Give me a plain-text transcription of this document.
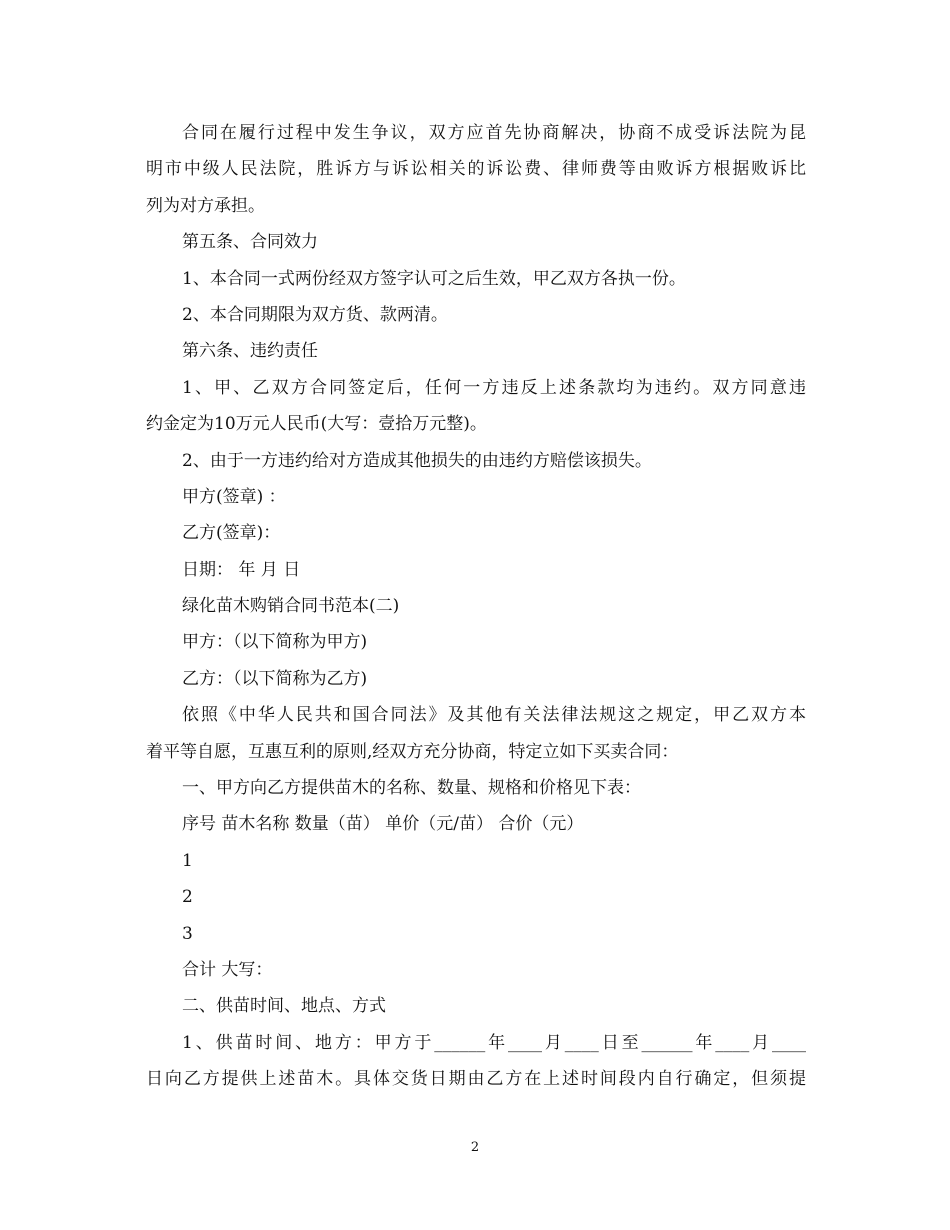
合同在履行过程中发生争议，双方应首先协商解决，协商不成受诉法院为昆
明市中级人民法院，胜诉方与诉讼相关的诉讼费、律师费等由败诉方根据败诉比
列为对方承担。
第五条、合同效力
1、本合同一式两份经双方签字认可之后生效，甲乙双方各执一份。
2、本合同期限为双方货、款两清。
第六条、违约责任
1、甲、乙双方合同签定后，任何一方违反上述条款均为违约。双方同意违
约金定为10万元人民币(大写：壹拾万元整)。
2、由于一方违约给对方造成其他损失的由违约方赔偿该损失。
甲方(签章) ：
乙方(签章)：
日期： 年 月 日
绿化苗木购销合同书范本(二)
甲方：（以下简称为甲方)
乙方：（以下简称为乙方)
依照《中华人民共和国合同法》及其他有关法律法规这之规定，甲乙双方本
着平等自愿，互惠互利的原则,经双方充分协商，特定立如下买卖合同：
一、甲方向乙方提供苗木的名称、数量、规格和价格见下表：
序号 苗木名称 数量（苗） 单价（元/苗） 合价（元）
1
2
3
合计 大写：
二、供苗时间、地点、方式
1、供苗时间、地方：甲方于______年____月____日至______年____月____
日向乙方提供上述苗木。具体交货日期由乙方在上述时间段内自行确定，但须提
2
